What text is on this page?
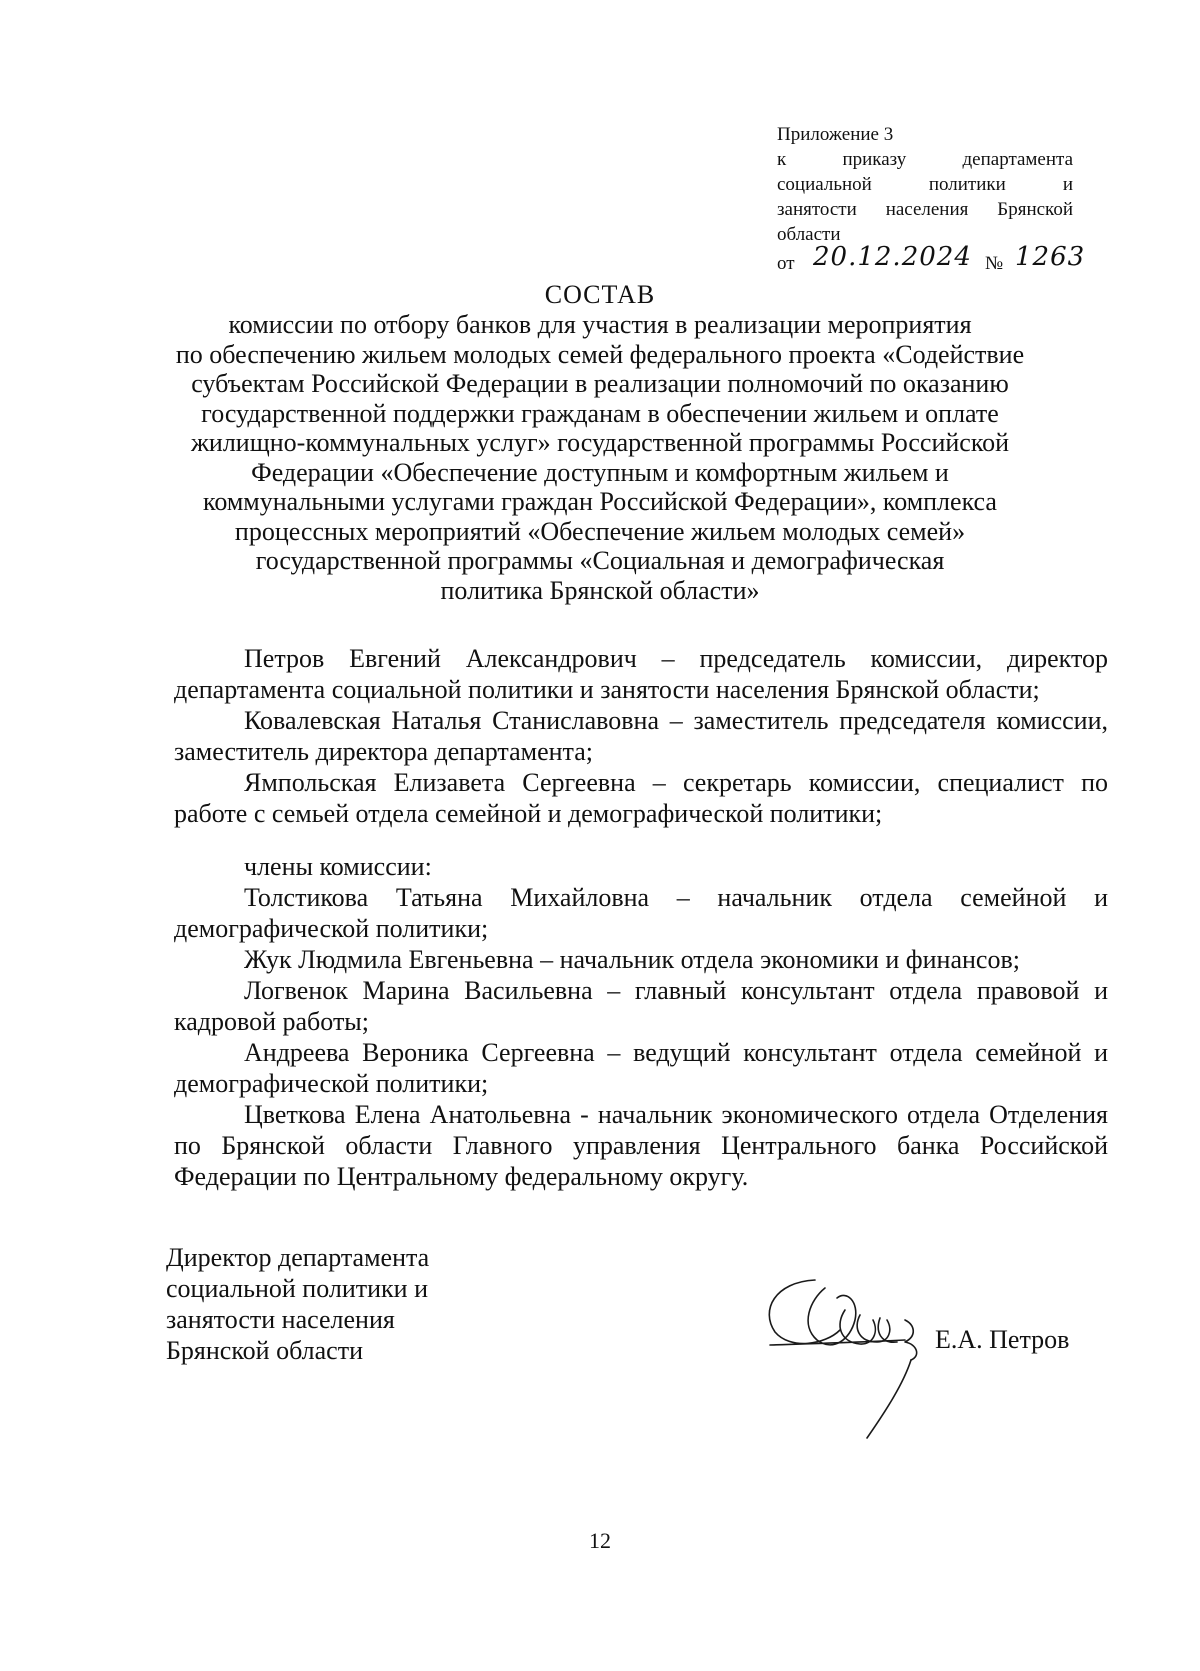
Приложение 3
к приказу департамента
социальной политики и
занятости населения Брянской
области
от 20.12.2024 № 1263
СОСТАВ
комиссии по отбору банков для участия в реализации мероприятия
по обеспечению жильем молодых семей федерального проекта «Содействие
субъектам Российской Федерации в реализации полномочий по оказанию
государственной поддержки гражданам в обеспечении жильем и оплате
жилищно-коммунальных услуг» государственной программы Российской
Федерации «Обеспечение доступным и комфортным жильем и
коммунальными услугами граждан Российской Федерации», комплекса
процессных мероприятий «Обеспечение жильем молодых семей»
государственной программы «Социальная и демографическая
политика Брянской области»

Петров Евгений Александрович – председатель комиссии, директор департамента социальной политики и занятости населения Брянской области;

Ковалевская Наталья Станиславовна – заместитель председателя комиссии, заместитель директора департамента;

Ямпольская Елизавета Сергеевна – секретарь комиссии, специалист по работе с семьей отдела семейной и демографической политики;

члены комиссии:

Толстикова Татьяна Михайловна – начальник отдела семейной и демографической политики;

Жук Людмила Евгеньевна – начальник отдела экономики и финансов;

Логвенок Марина Васильевна – главный консультант отдела правовой и кадровой работы;

Андреева Вероника Сергеевна – ведущий консультант отдела семейной и демографической политики;

Цветкова Елена Анатольевна - начальник экономического отдела Отделения по Брянской области Главного управления Центрального банка Российской Федерации по Центральному федеральному округу.

Директор департамента
социальной политики и
занятости населения
Брянской области	Е.А. Петров
12
